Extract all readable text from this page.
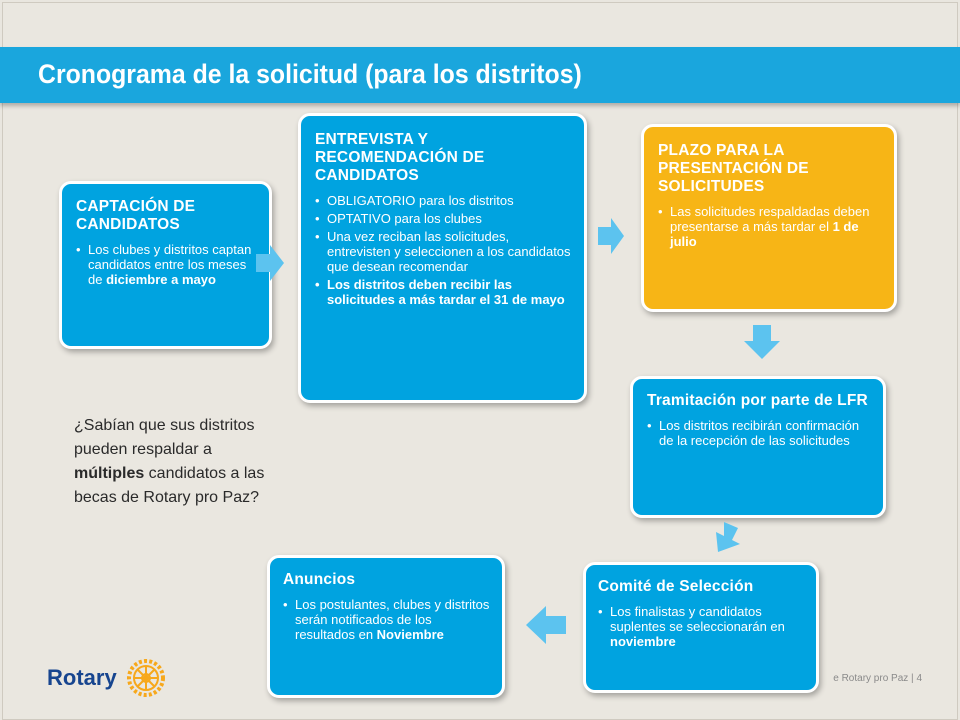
Cronograma de la solicitud (para los distritos)
CAPTACIÓN DE CANDIDATOS
• Los clubes y distritos captan candidatos entre los meses de diciembre a mayo
ENTREVISTA Y RECOMENDACIÓN DE CANDIDATOS
• OBLIGATORIO para los distritos
• OPTATIVO para los clubes
• Una vez reciban las solicitudes, entrevisten y seleccionen a los candidatos que desean recomendar
• Los distritos deben recibir las solicitudes a más tardar el 31 de mayo
PLAZO PARA LA PRESENTACIÓN DE SOLICITUDES
• Las solicitudes respaldadas deben presentarse a más tardar el 1 de julio
Tramitación por parte de LFR
• Los distritos recibirán confirmación de la recepción de las solicitudes
Comité de Selección
• Los finalistas y candidatos suplentes se seleccionarán en noviembre
Anuncios
• Los postulantes, clubes y distritos serán notificados de los resultados en Noviembre
¿Sabían que sus distritos pueden respaldar a múltiples candidatos a las becas de Rotary pro Paz?
Rotary	e Rotary pro Paz | 4
